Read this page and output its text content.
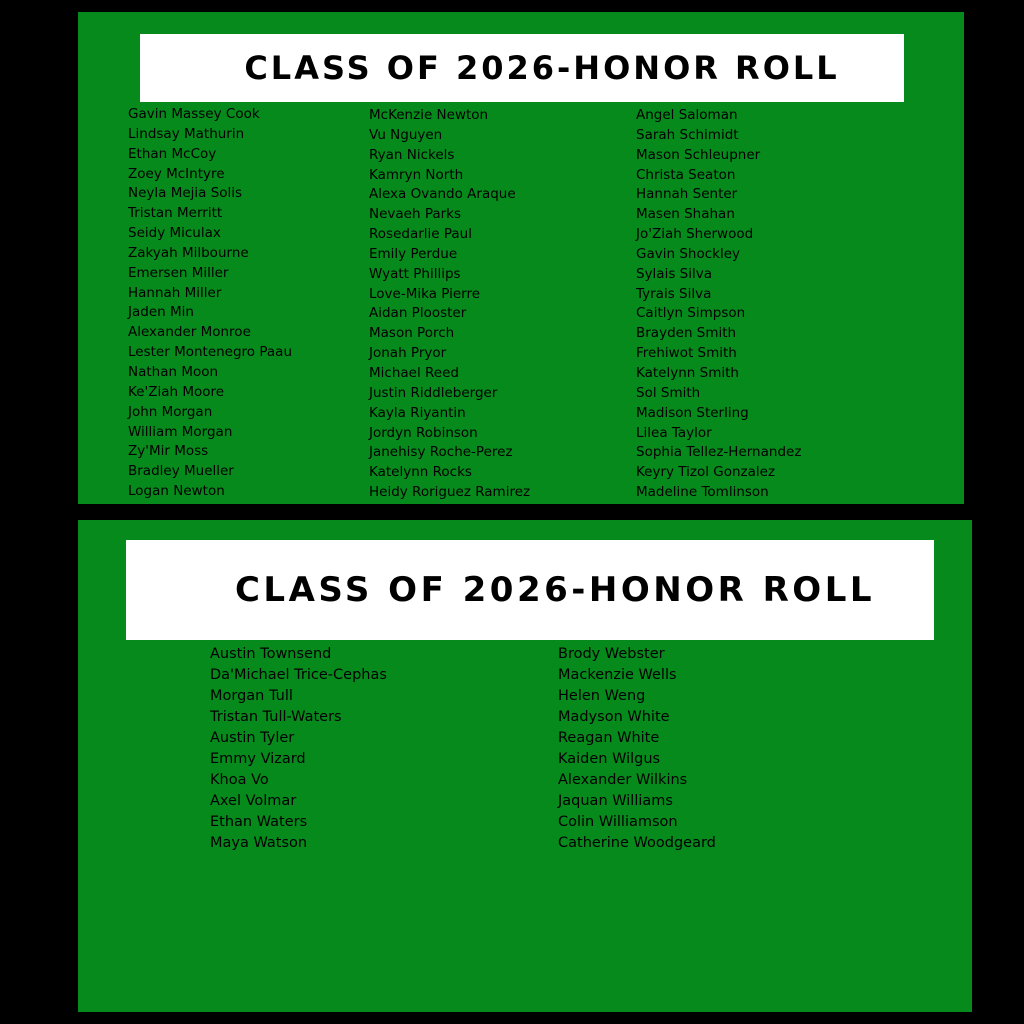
CLASS OF 2026-HONOR ROLL
Gavin Massey Cook
Lindsay Mathurin
Ethan McCoy
Zoey McIntyre
Neyla Mejia Solis
Tristan Merritt
Seidy Miculax
Zakyah Milbourne
Emersen Miller
Hannah Miller
Jaden Min
Alexander Monroe
Lester Montenegro Paau
Nathan Moon
Ke'Ziah Moore
John Morgan
William Morgan
Zy'Mir Moss
Bradley Mueller
Logan Newton
McKenzie Newton
Vu Nguyen
Ryan Nickels
Kamryn North
Alexa Ovando Araque
Nevaeh Parks
Rosedarlie Paul
Emily Perdue
Wyatt Phillips
Love-Mika Pierre
Aidan Plooster
Mason Porch
Jonah Pryor
Michael Reed
Justin Riddleberger
Kayla Riyantin
Jordyn Robinson
Janehisy Roche-Perez
Katelynn Rocks
Heidy Roriguez Ramirez
Angel Saloman
Sarah Schimidt
Mason Schleupner
Christa Seaton
Hannah Senter
Masen Shahan
Jo'Ziah Sherwood
Gavin Shockley
Sylais Silva
Tyrais Silva
Caitlyn Simpson
Brayden Smith
Frehiwot Smith
Katelynn Smith
Sol Smith
Madison Sterling
Lilea Taylor
Sophia Tellez-Hernandez
Keyry Tizol Gonzalez
Madeline Tomlinson
CLASS OF 2026-HONOR ROLL
Austin Townsend
Da'Michael Trice-Cephas
Morgan Tull
Tristan Tull-Waters
Austin Tyler
Emmy Vizard
Khoa Vo
Axel Volmar
Ethan Waters
Maya Watson
Brody Webster
Mackenzie Wells
Helen Weng
Madyson White
Reagan White
Kaiden Wilgus
Alexander Wilkins
Jaquan Williams
Colin Williamson
Catherine Woodgeard
